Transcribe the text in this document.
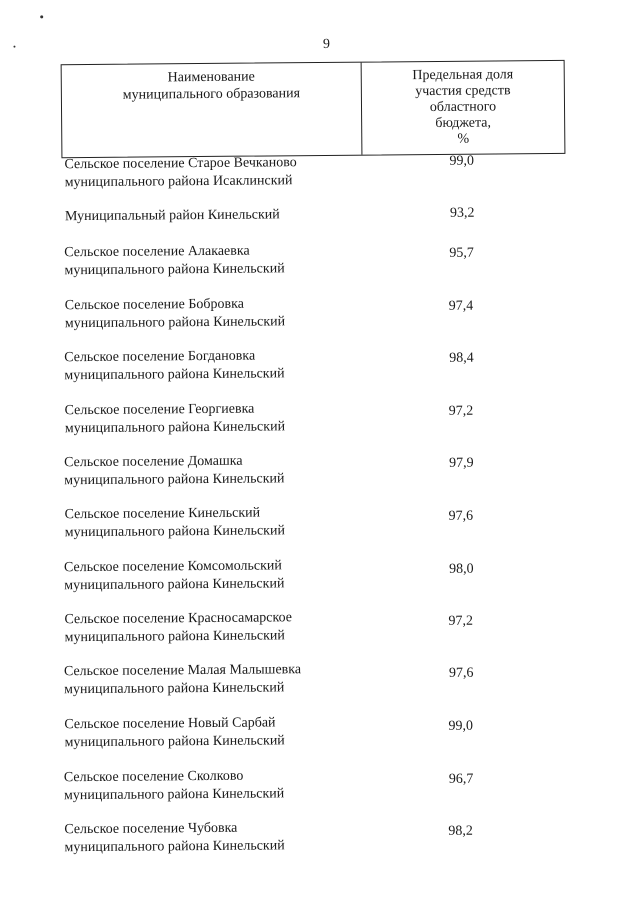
9
Наименование
муниципального образования
Предельная доля
участия средств
областного
бюджета,
%
Сельское поселение Старое Вечканово
муниципального района Исаклинский
99,0
Муниципальный район Кинельский	93,2
Сельское поселение Алакаевка
муниципального района Кинельский
95,7
Сельское поселение Бобровка
муниципального района Кинельский
97,4
Сельское поселение Богдановка
муниципального района Кинельский
98,4
Сельское поселение Георгиевка
муниципального района Кинельский
97,2
Сельское поселение Домашка
муниципального района Кинельский
97,9
Сельское поселение Кинельский
муниципального района Кинельский
97,6
Сельское поселение Комсомольский
муниципального района Кинельский
98,0
Сельское поселение Красносамарское
муниципального района Кинельский
97,2
Сельское поселение Малая Малышевка
муниципального района Кинельский
97,6
Сельское поселение Новый Сарбай
муниципального района Кинельский
99,0
Сельское поселение Сколково
муниципального района Кинельский
96,7
Сельское поселение Чубовка
муниципального района Кинельский
98,2
